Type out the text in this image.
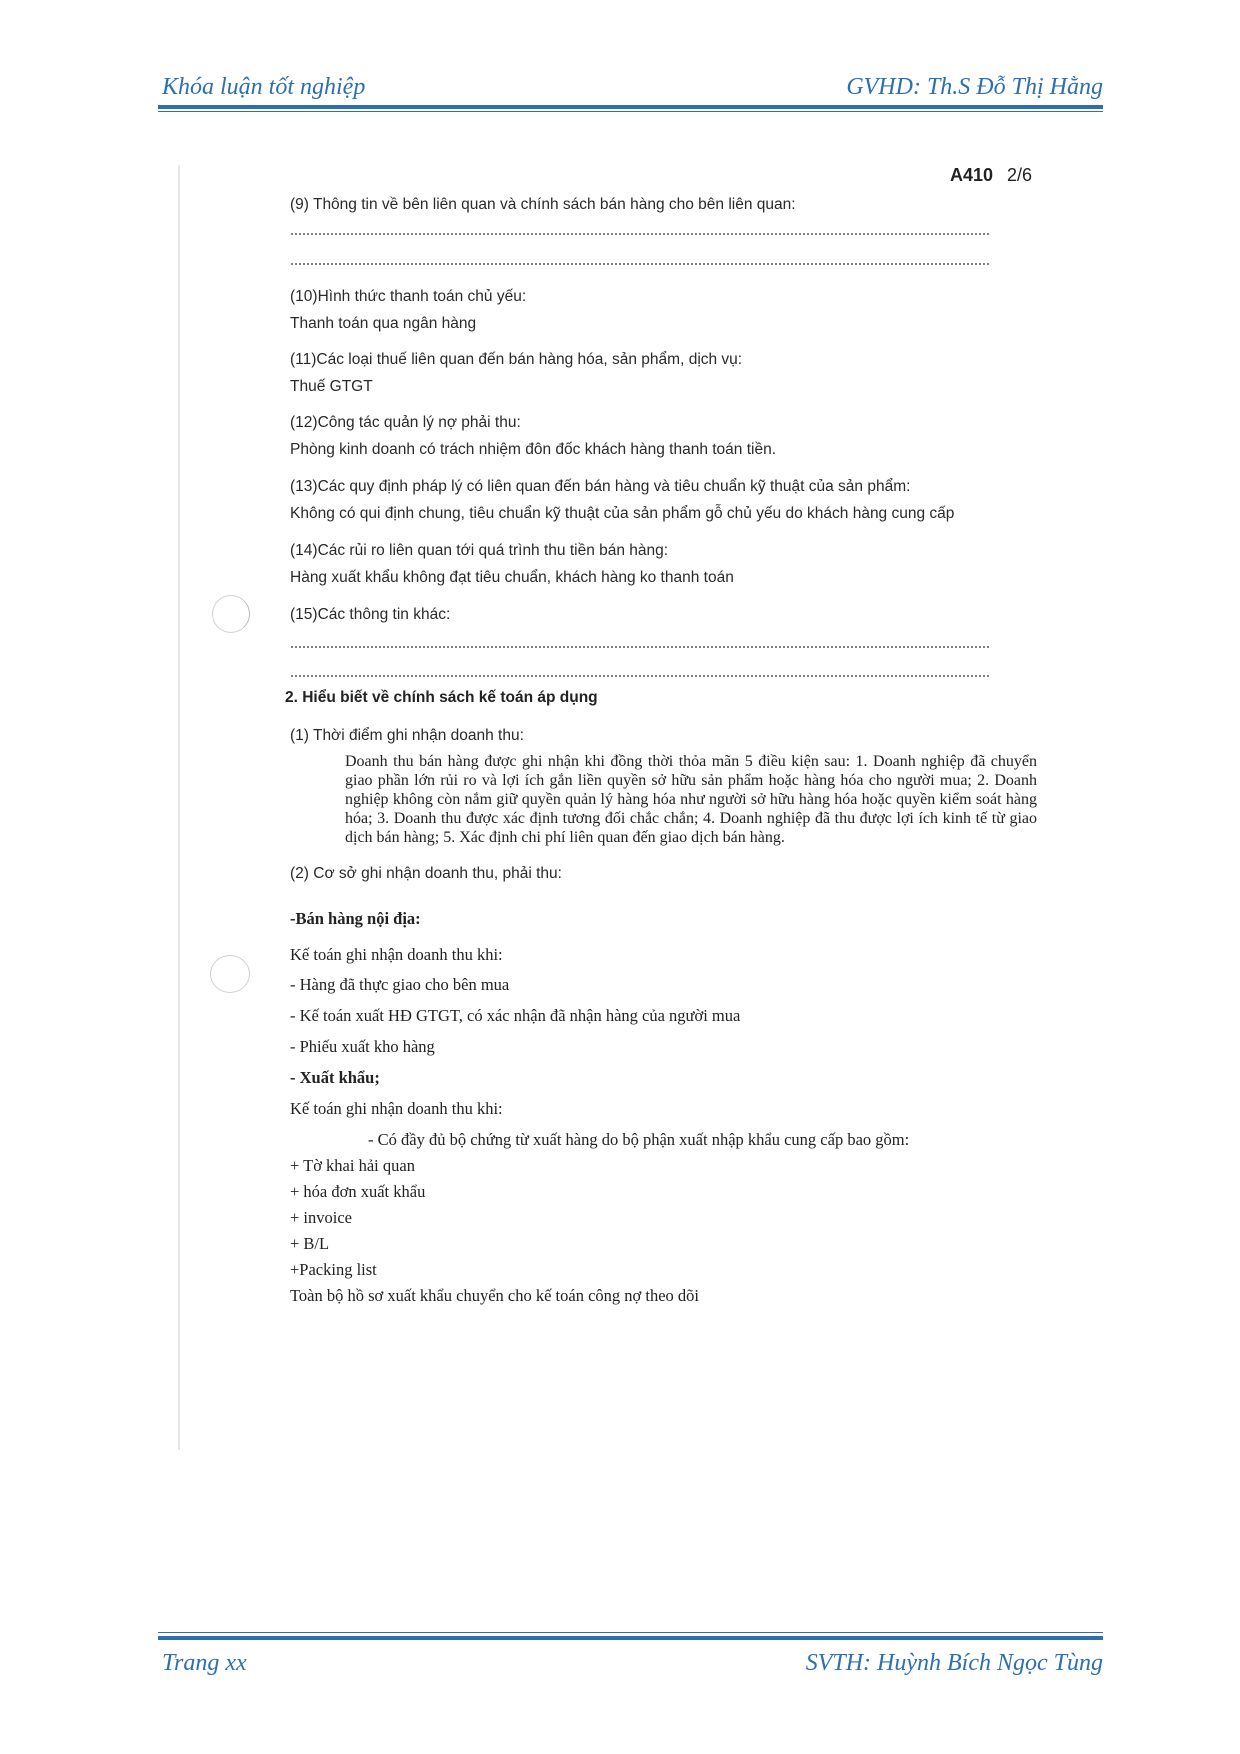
Khóa luận tốt nghiệp	GVHD: Th.S Đỗ Thị Hằng
A410 2/6
(9) Thông tin về bên liên quan và chính sách bán hàng cho bên liên quan:
(10)Hình thức thanh toán chủ yếu:
Thanh toán qua ngân hàng
(11)Các loại thuế liên quan đến bán hàng hóa, sản phẩm, dịch vụ:
Thuế GTGT
(12)Công tác quản lý nợ phải thu:
Phòng kinh doanh có trách nhiệm đôn đốc khách hàng thanh toán tiền.
(13)Các quy định pháp lý có liên quan đến bán hàng và tiêu chuẩn kỹ thuật của sản phẩm:
Không có qui định chung, tiêu chuẩn kỹ thuật của sản phẩm gỗ chủ yếu do khách hàng cung cấp
(14)Các rủi ro liên quan tới quá trình thu tiền bán hàng:
Hàng xuất khẩu không đạt tiêu chuẩn, khách hàng ko thanh toán
(15)Các thông tin khác:
2. Hiểu biết về chính sách kế toán áp dụng
(1) Thời điểm ghi nhận doanh thu:
Doanh thu bán hàng được ghi nhận khi đồng thời thỏa mãn 5 điều kiện sau: 1. Doanh nghiệp đã chuyển giao phần lớn rủi ro và lợi ích gắn liền quyền sở hữu sản phẩm hoặc hàng hóa cho người mua; 2. Doanh nghiệp không còn nắm giữ quyền quản lý hàng hóa như người sở hữu hàng hóa hoặc quyền kiểm soát hàng hóa; 3. Doanh thu được xác định tương đối chắc chắn; 4. Doanh nghiệp đã thu được lợi ích kinh tế từ giao dịch bán hàng; 5. Xác định chi phí liên quan đến giao dịch bán hàng.
(2) Cơ sở ghi nhận doanh thu, phải thu:
-Bán hàng nội địa:
Kế toán ghi nhận doanh thu khi:
- Hàng đã thực giao cho bên mua
- Kế toán xuất HĐ GTGT, có xác nhận đã nhận hàng của người mua
- Phiếu xuất kho hàng
- Xuất khẩu;
Kế toán ghi nhận doanh thu khi:
- Có đầy đủ bộ chứng từ xuất hàng do bộ phận xuất nhập khẩu cung cấp bao gồm:
+ Tờ khai hải quan
+ hóa đơn xuất khẩu
+ invoice
+ B/L
+Packing list
Toàn bộ hồ sơ xuất khẩu chuyển cho kế toán công nợ theo dõi
Trang xx	SVTH: Huỳnh Bích Ngọc Tùng
